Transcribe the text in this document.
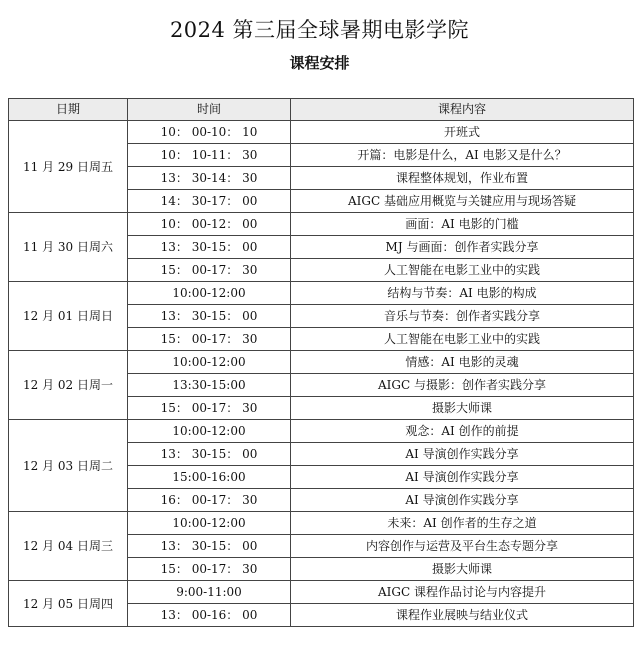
2024 第三届全球暑期电影学院
课程安排
日期	时间	课程内容
11 月 29 日周五	10： 00-10： 10	开班式
	10： 10-11： 30	开篇：电影是什么，AI 电影又是什么？
	13： 30-14： 30	课程整体规划，作业布置
	14： 30-17： 00	AIGC 基础应用概览与关键应用与现场答疑
11 月 30 日周六	10： 00-12： 00	画面：AI 电影的门槛
	13： 30-15： 00	MJ 与画面：创作者实践分享
	15： 00-17： 30	人工智能在电影工业中的实践
12 月 01 日周日	10:00-12:00	结构与节奏：AI 电影的构成
	13： 30-15： 00	音乐与节奏：创作者实践分享
	15： 00-17： 30	人工智能在电影工业中的实践
12 月 02 日周一	10:00-12:00	情感：AI 电影的灵魂
	13:30-15:00	AIGC 与摄影：创作者实践分享
	15： 00-17： 30	摄影大师课
12 月 03 日周二	10:00-12:00	观念：AI 创作的前提
	13： 30-15： 00	AI 导演创作实践分享
	15:00-16:00	AI 导演创作实践分享
	16： 00-17： 30	AI 导演创作实践分享
12 月 04 日周三	10:00-12:00	未来：AI 创作者的生存之道
	13： 30-15： 00	内容创作与运营及平台生态专题分享
	15： 00-17： 30	摄影大师课
12 月 05 日周四	9:00-11:00	AIGC 课程作品讨论与内容提升
	13： 00-16： 00	课程作业展映与结业仪式
